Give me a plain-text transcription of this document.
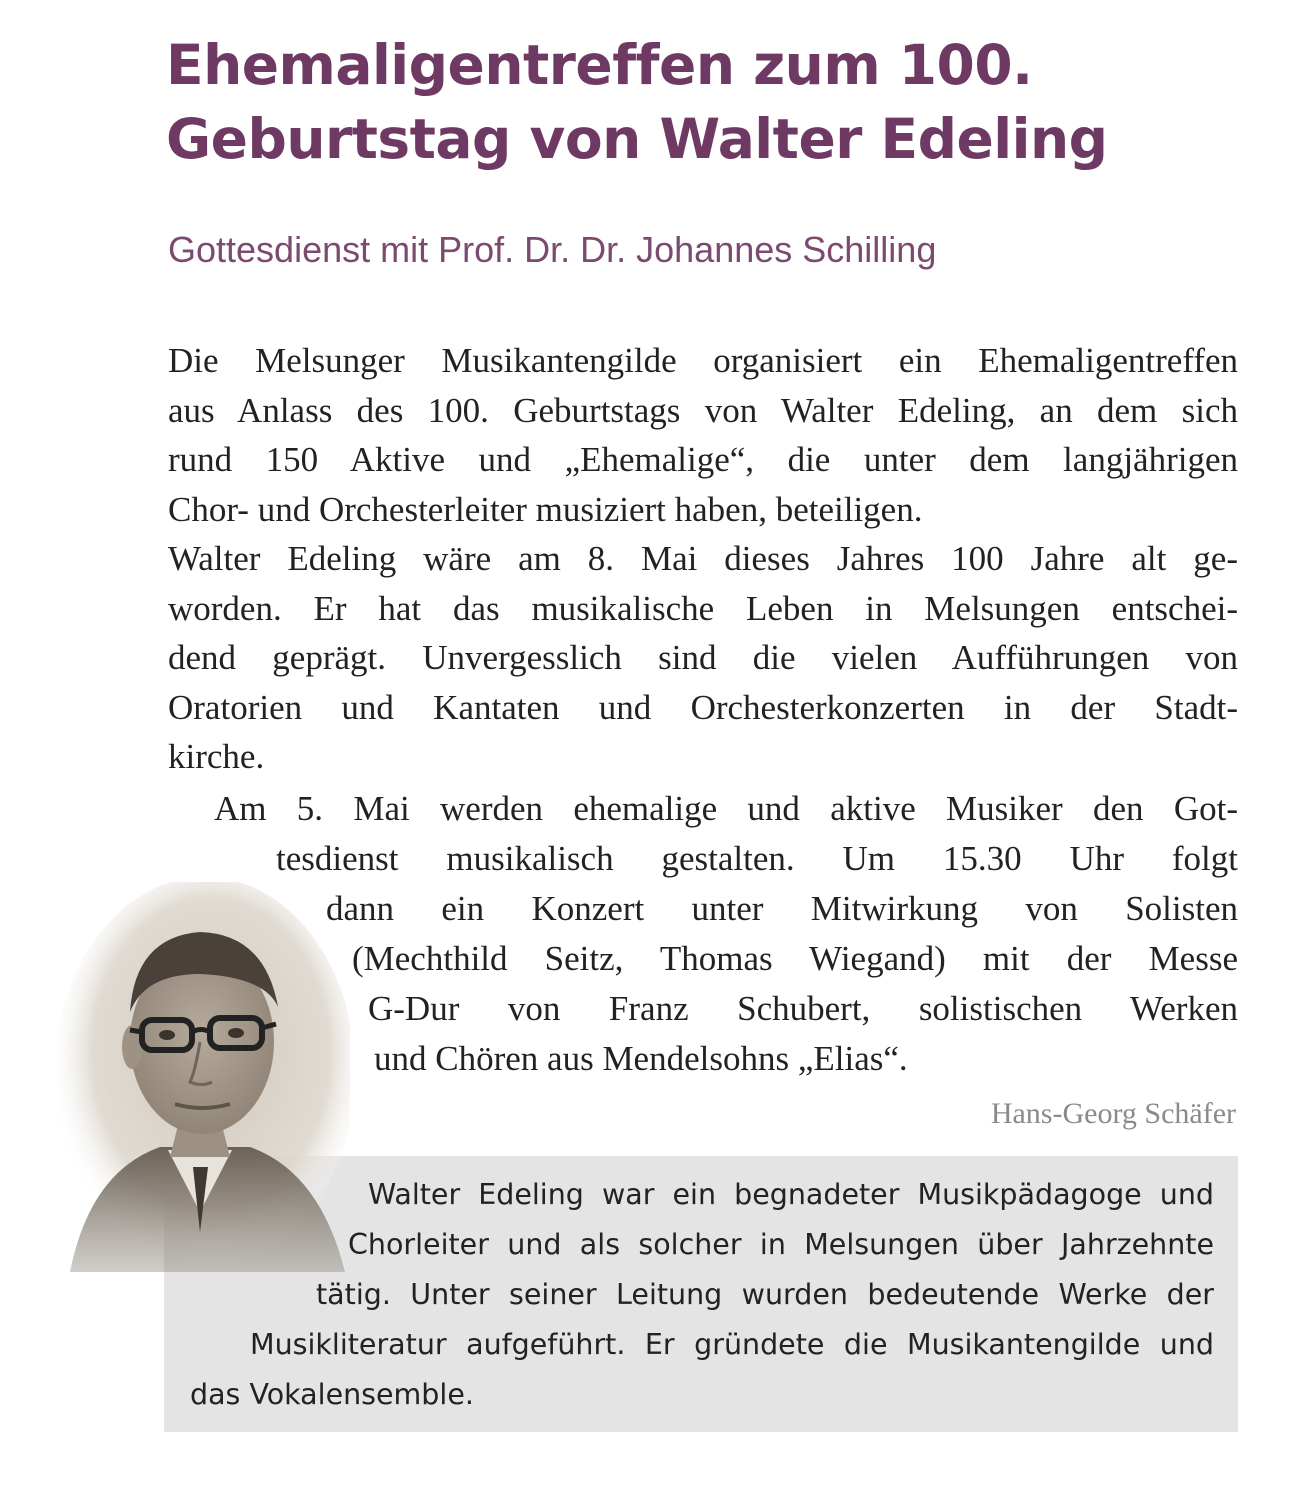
Ehemaligentreffen zum 100.
Geburtstag von Walter Edeling

Gottesdienst mit Prof. Dr. Dr. Johannes Schilling

Die Melsunger Musikantengilde organisiert ein Ehemaligentreffen
aus Anlass des 100. Geburtstags von Walter Edeling, an dem sich
rund 150 Aktive und „Ehemalige“, die unter dem langjährigen
Chor- und Orchesterleiter musiziert haben, beteiligen.
Walter Edeling wäre am 8. Mai dieses Jahres 100 Jahre alt ge-
worden. Er hat das musikalische Leben in Melsungen entschei-
dend geprägt. Unvergesslich sind die vielen Aufführungen von
Oratorien und Kantaten und Orchesterkonzerten in der Stadt-
kirche.
Am 5. Mai werden ehemalige und aktive Musiker den Got-
tesdienst musikalisch gestalten. Um 15.30 Uhr folgt
dann ein Konzert unter Mitwirkung von Solisten
(Mechthild Seitz, Thomas Wiegand) mit der Messe
G-Dur von Franz Schubert, solistischen Werken
und Chören aus Mendelsohns „Elias“.
Hans-Georg Schäfer
Walter Edeling war ein begnadeter Musikpädagoge und
Chorleiter und als solcher in Melsungen über Jahrzehnte
tätig. Unter seiner Leitung wurden bedeutende Werke der
Musikliteratur aufgeführt. Er gründete die Musikantengilde und
das Vokalensemble.
